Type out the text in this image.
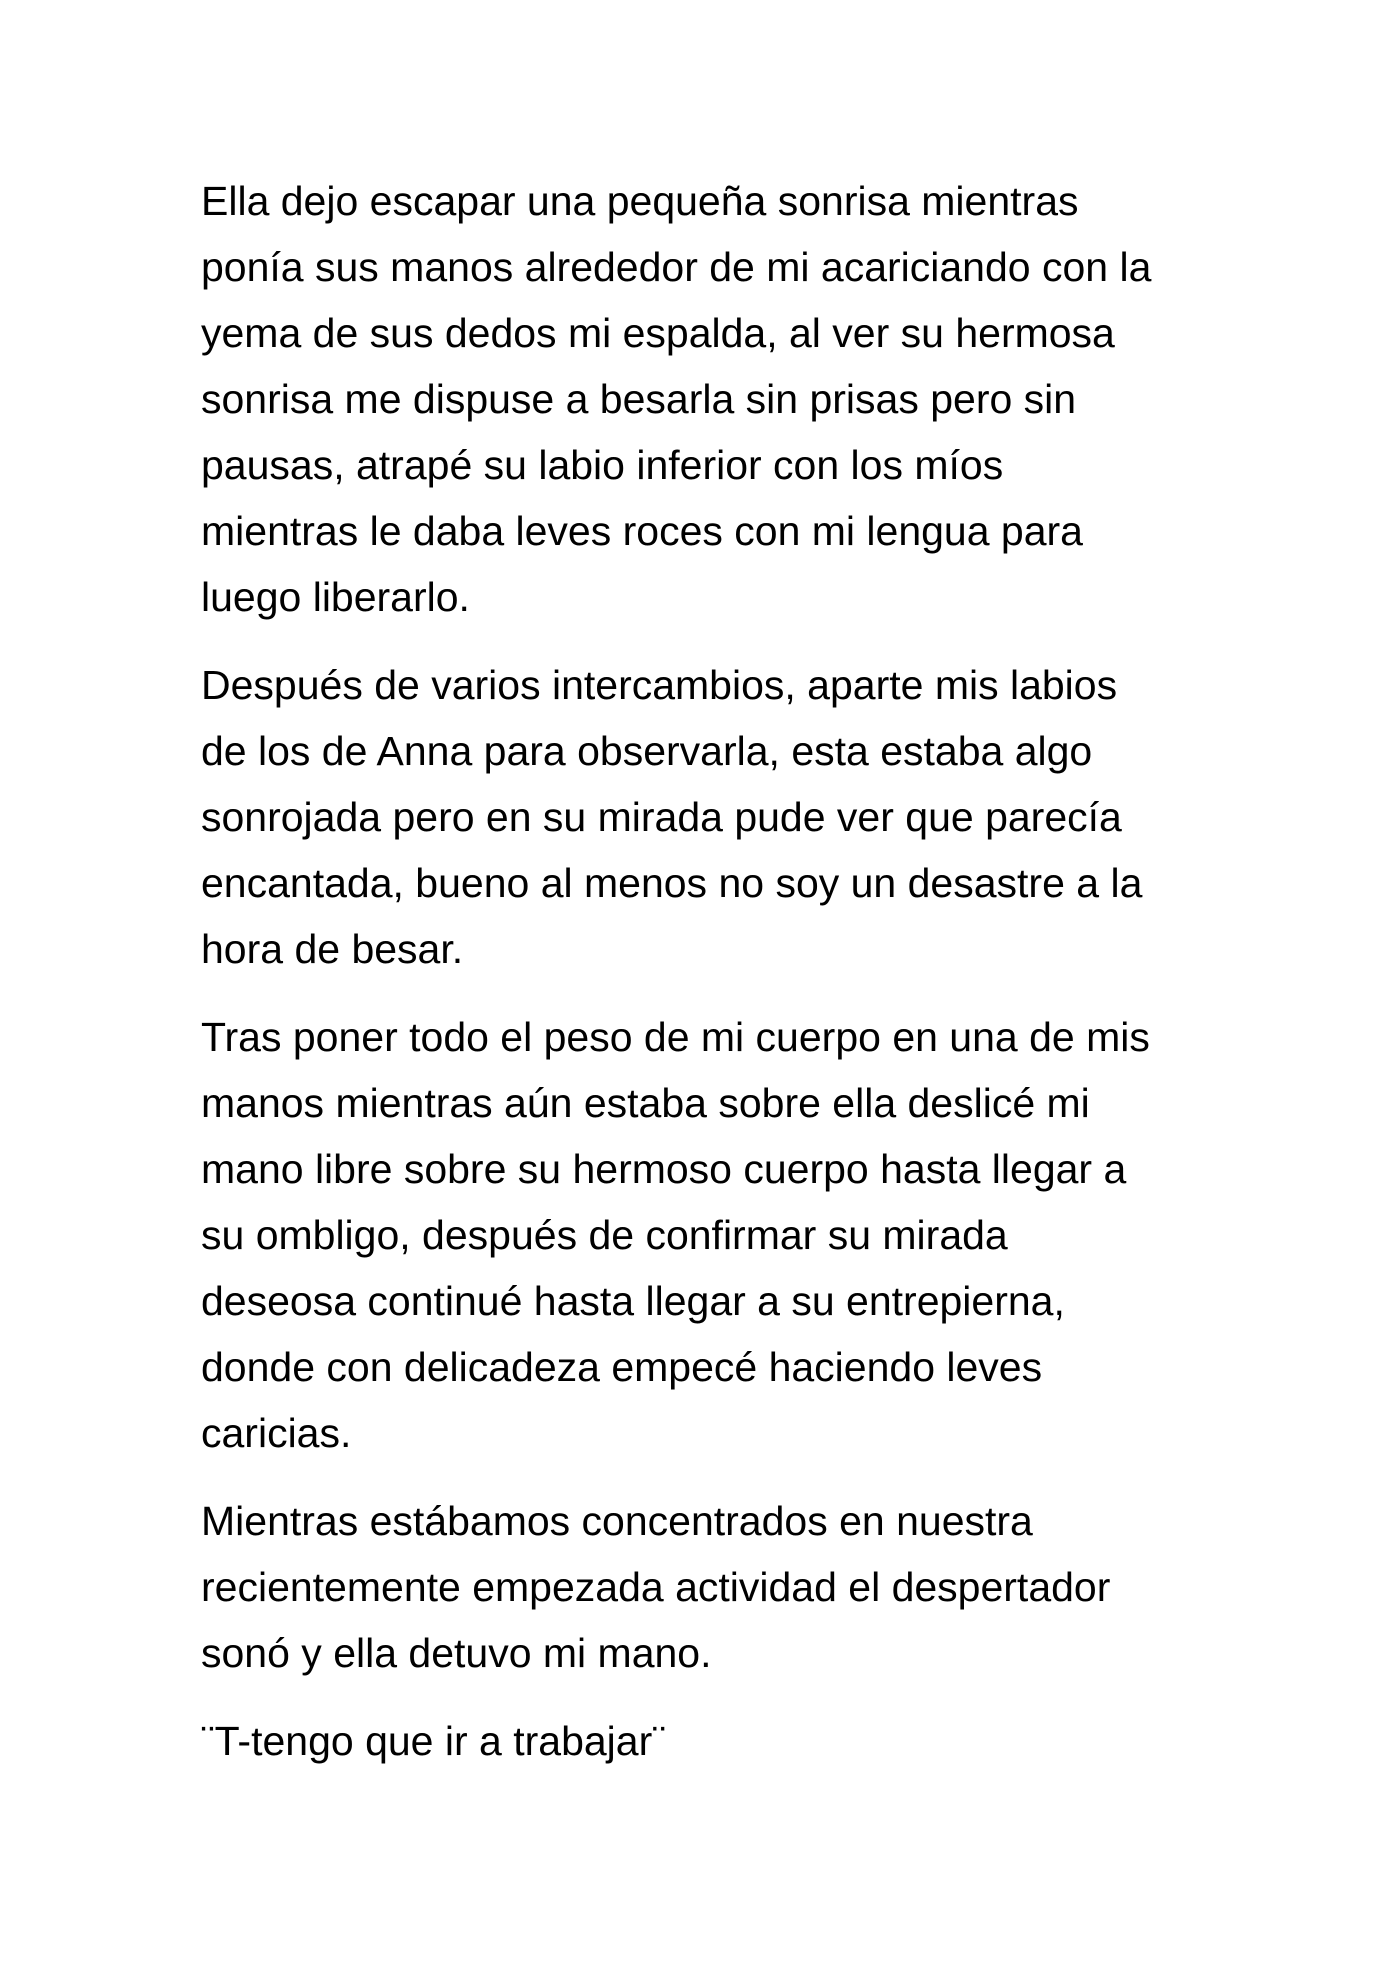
Ella dejo escapar una pequeña sonrisa mientras
ponía sus manos alrededor de mi acariciando con la
yema de sus dedos mi espalda, al ver su hermosa
sonrisa me dispuse a besarla sin prisas pero sin
pausas, atrapé su labio inferior con los míos
mientras le daba leves roces con mi lengua para
luego liberarlo.

Después de varios intercambios, aparte mis labios
de los de Anna para observarla, esta estaba algo
sonrojada pero en su mirada pude ver que parecía
encantada, bueno al menos no soy un desastre a la
hora de besar.

Tras poner todo el peso de mi cuerpo en una de mis
manos mientras aún estaba sobre ella deslicé mi
mano libre sobre su hermoso cuerpo hasta llegar a
su ombligo, después de confirmar su mirada
deseosa continué hasta llegar a su entrepierna,
donde con delicadeza empecé haciendo leves
caricias.

Mientras estábamos concentrados en nuestra
recientemente empezada actividad el despertador
sonó y ella detuvo mi mano.

¨T-tengo que ir a trabajar¨
